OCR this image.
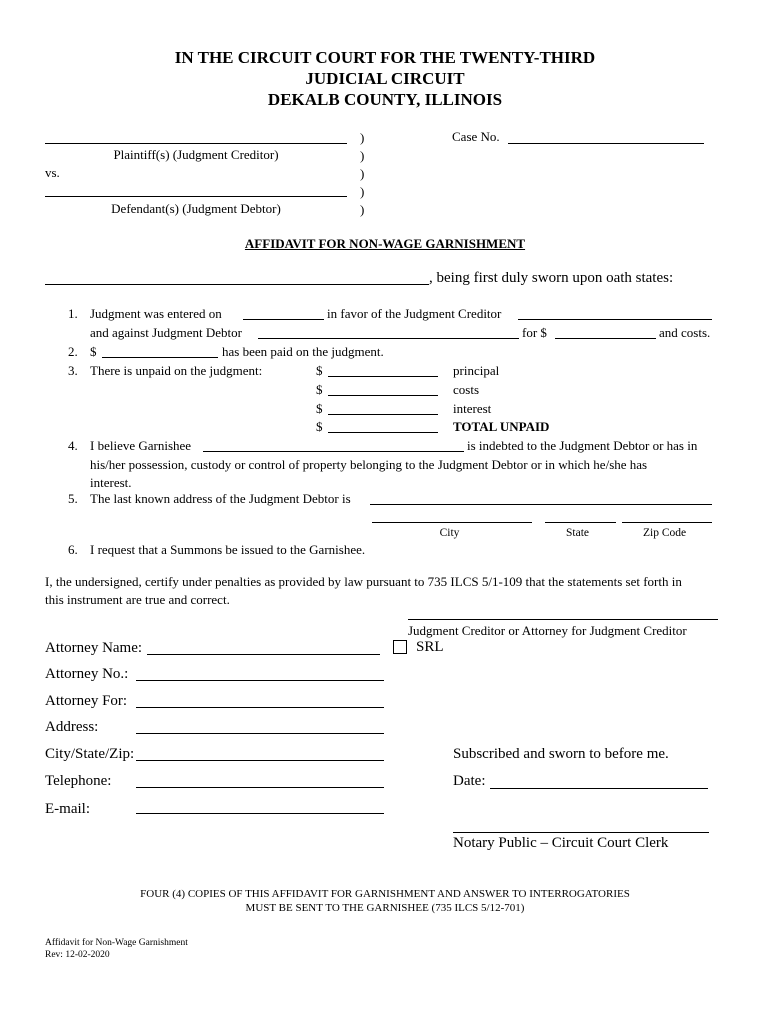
IN THE CIRCUIT COURT FOR THE TWENTY-THIRD
JUDICIAL CIRCUIT
DEKALB COUNTY, ILLINOIS
Plaintiff(s) (Judgment Creditor)
vs.
Defendant(s) (Judgment Debtor)
)
)
)
)
)
Case No.
AFFIDAVIT FOR NON-WAGE GARNISHMENT
, being first duly sworn upon oath states:
1. Judgment was entered on	in favor of the Judgment Creditor
and against Judgment Debtor	for $	and costs.
2. $	has been paid on the judgment.
3. There is unpaid on the judgment:	$	principal
$	costs
$	interest
$	TOTAL UNPAID
4. I believe Garnishee	is indebted to the Judgment Debtor or has in
his/her possession, custody or control of property belonging to the Judgment Debtor or in which he/she has
interest.
5. The last known address of the Judgment Debtor is
City	State	Zip Code
6. I request that a Summons be issued to the Garnishee.
I, the undersigned, certify under penalties as provided by law pursuant to 735 ILCS 5/1-109 that the statements set forth in
this instrument are true and correct.
Judgment Creditor or Attorney for Judgment Creditor
SRL
Attorney Name:
Attorney No.:
Attorney For:
Address:
City/State/Zip:
Telephone:
E-mail:
Subscribed and sworn to before me.
Date:
Notary Public – Circuit Court Clerk
FOUR (4) COPIES OF THIS AFFIDAVIT FOR GARNISHMENT AND ANSWER TO INTERROGATORIES
MUST BE SENT TO THE GARNISHEE (735 ILCS 5/12-701)
Affidavit for Non-Wage Garnishment
Rev: 12-02-2020
